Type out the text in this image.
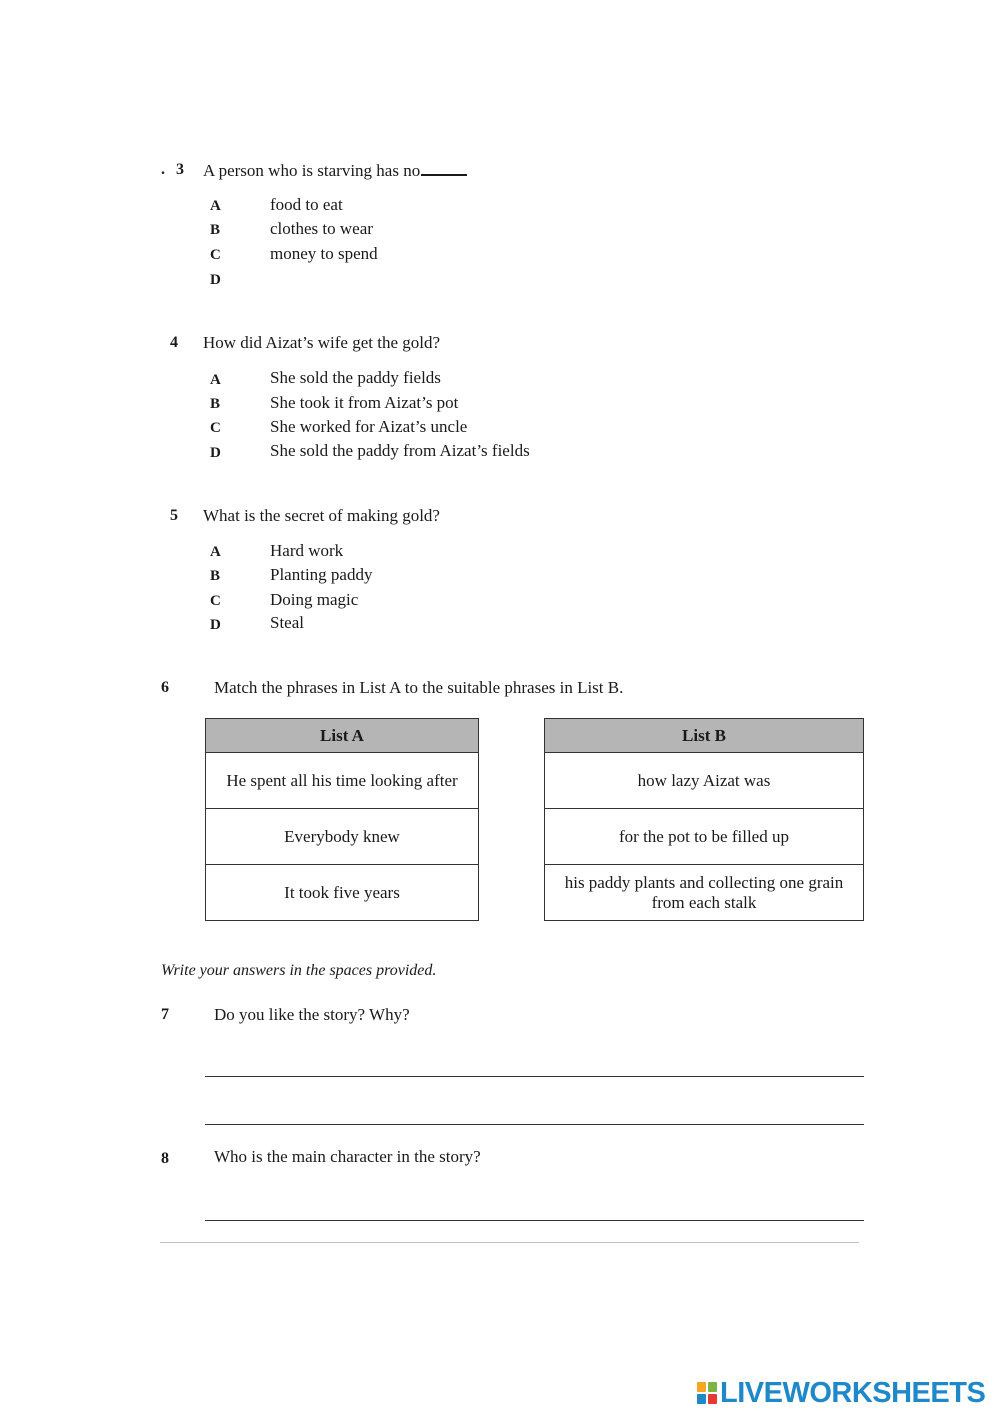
. 3 A person who is starving has no
A	food to eat
B	clothes to wear
C	money to spend
D
4 How did Aizat’s wife get the gold?
A	She sold the paddy fields
B	She took it from Aizat’s pot
C	She worked for Aizat’s uncle
D	She sold the paddy from Aizat’s fields
5 What is the secret of making gold?
A	Hard work
B	Planting paddy
C	Doing magic
D	Steal
6	Match the phrases in List A to the suitable phrases in List B.
List A
He spent all his time looking after
Everybody knew
It took five years
List B
how lazy Aizat was
for the pot to be filled up
his paddy plants and collecting one grain from each stalk
Write your answers in the spaces provided.
7	Do you like the story? Why?
8	Who is the main character in the story?
LIVEWORKSHEETS
